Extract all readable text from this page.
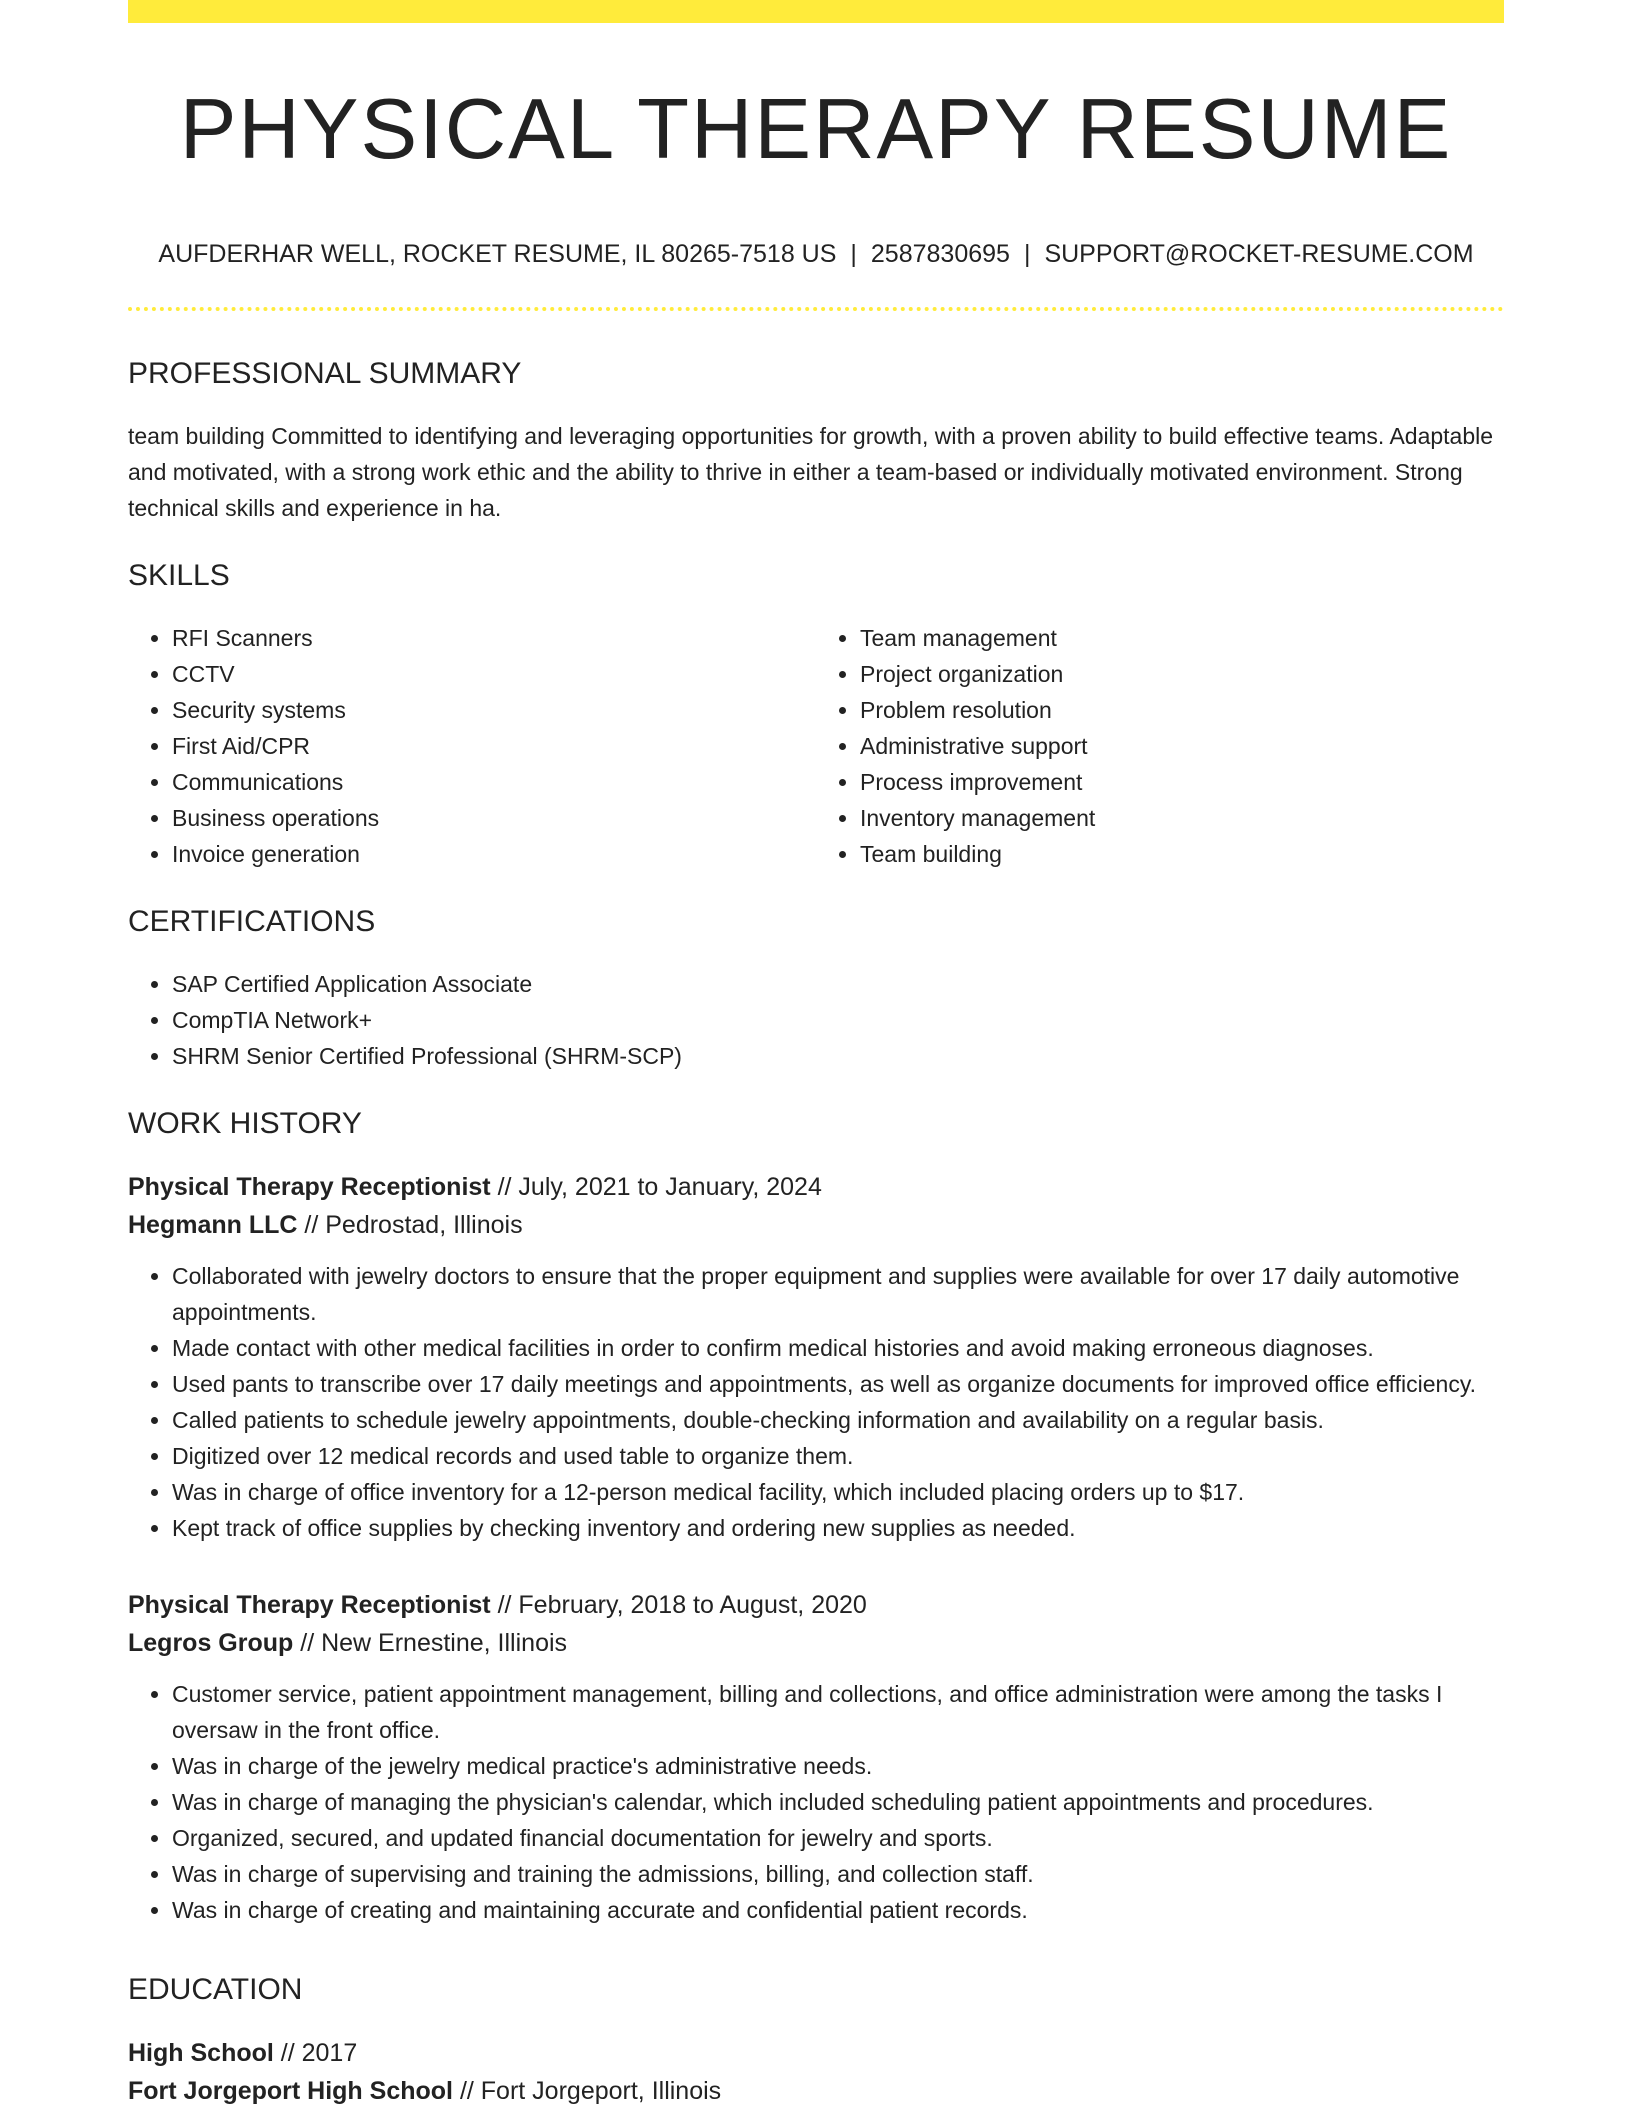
PHYSICAL THERAPY RESUME
AUFDERHAR WELL, ROCKET RESUME, IL 80265-7518 US | 2587830695 | SUPPORT@ROCKET-RESUME.COM
PROFESSIONAL SUMMARY

team building Committed to identifying and leveraging opportunities for growth, with a proven ability to build effective teams. Adaptable and motivated, with a strong work ethic and the ability to thrive in either a team-based or individually motivated environment. Strong technical skills and experience in ha.

SKILLS
• RFI Scanners
• CCTV
• Security systems
• First Aid/CPR
• Communications
• Business operations
• Invoice generation
• Team management
• Project organization
• Problem resolution
• Administrative support
• Process improvement
• Inventory management
• Team building
CERTIFICATIONS
• SAP Certified Application Associate
• CompTIA Network+
• SHRM Senior Certified Professional (SHRM-SCP)
WORK HISTORY
Physical Therapy Receptionist // July, 2021 to January, 2024
Hegmann LLC // Pedrostad, Illinois
• Collaborated with jewelry doctors to ensure that the proper equipment and supplies were available for over 17 daily automotive appointments.
• Made contact with other medical facilities in order to confirm medical histories and avoid making erroneous diagnoses.
• Used pants to transcribe over 17 daily meetings and appointments, as well as organize documents for improved office efficiency.
• Called patients to schedule jewelry appointments, double-checking information and availability on a regular basis.
• Digitized over 12 medical records and used table to organize them.
• Was in charge of office inventory for a 12-person medical facility, which included placing orders up to $17.
• Kept track of office supplies by checking inventory and ordering new supplies as needed.
Physical Therapy Receptionist // February, 2018 to August, 2020
Legros Group // New Ernestine, Illinois
• Customer service, patient appointment management, billing and collections, and office administration were among the tasks I oversaw in the front office.
• Was in charge of the jewelry medical practice's administrative needs.
• Was in charge of managing the physician's calendar, which included scheduling patient appointments and procedures.
• Organized, secured, and updated financial documentation for jewelry and sports.
• Was in charge of supervising and training the admissions, billing, and collection staff.
• Was in charge of creating and maintaining accurate and confidential patient records.
EDUCATION
High School // 2017
Fort Jorgeport High School // Fort Jorgeport, Illinois
